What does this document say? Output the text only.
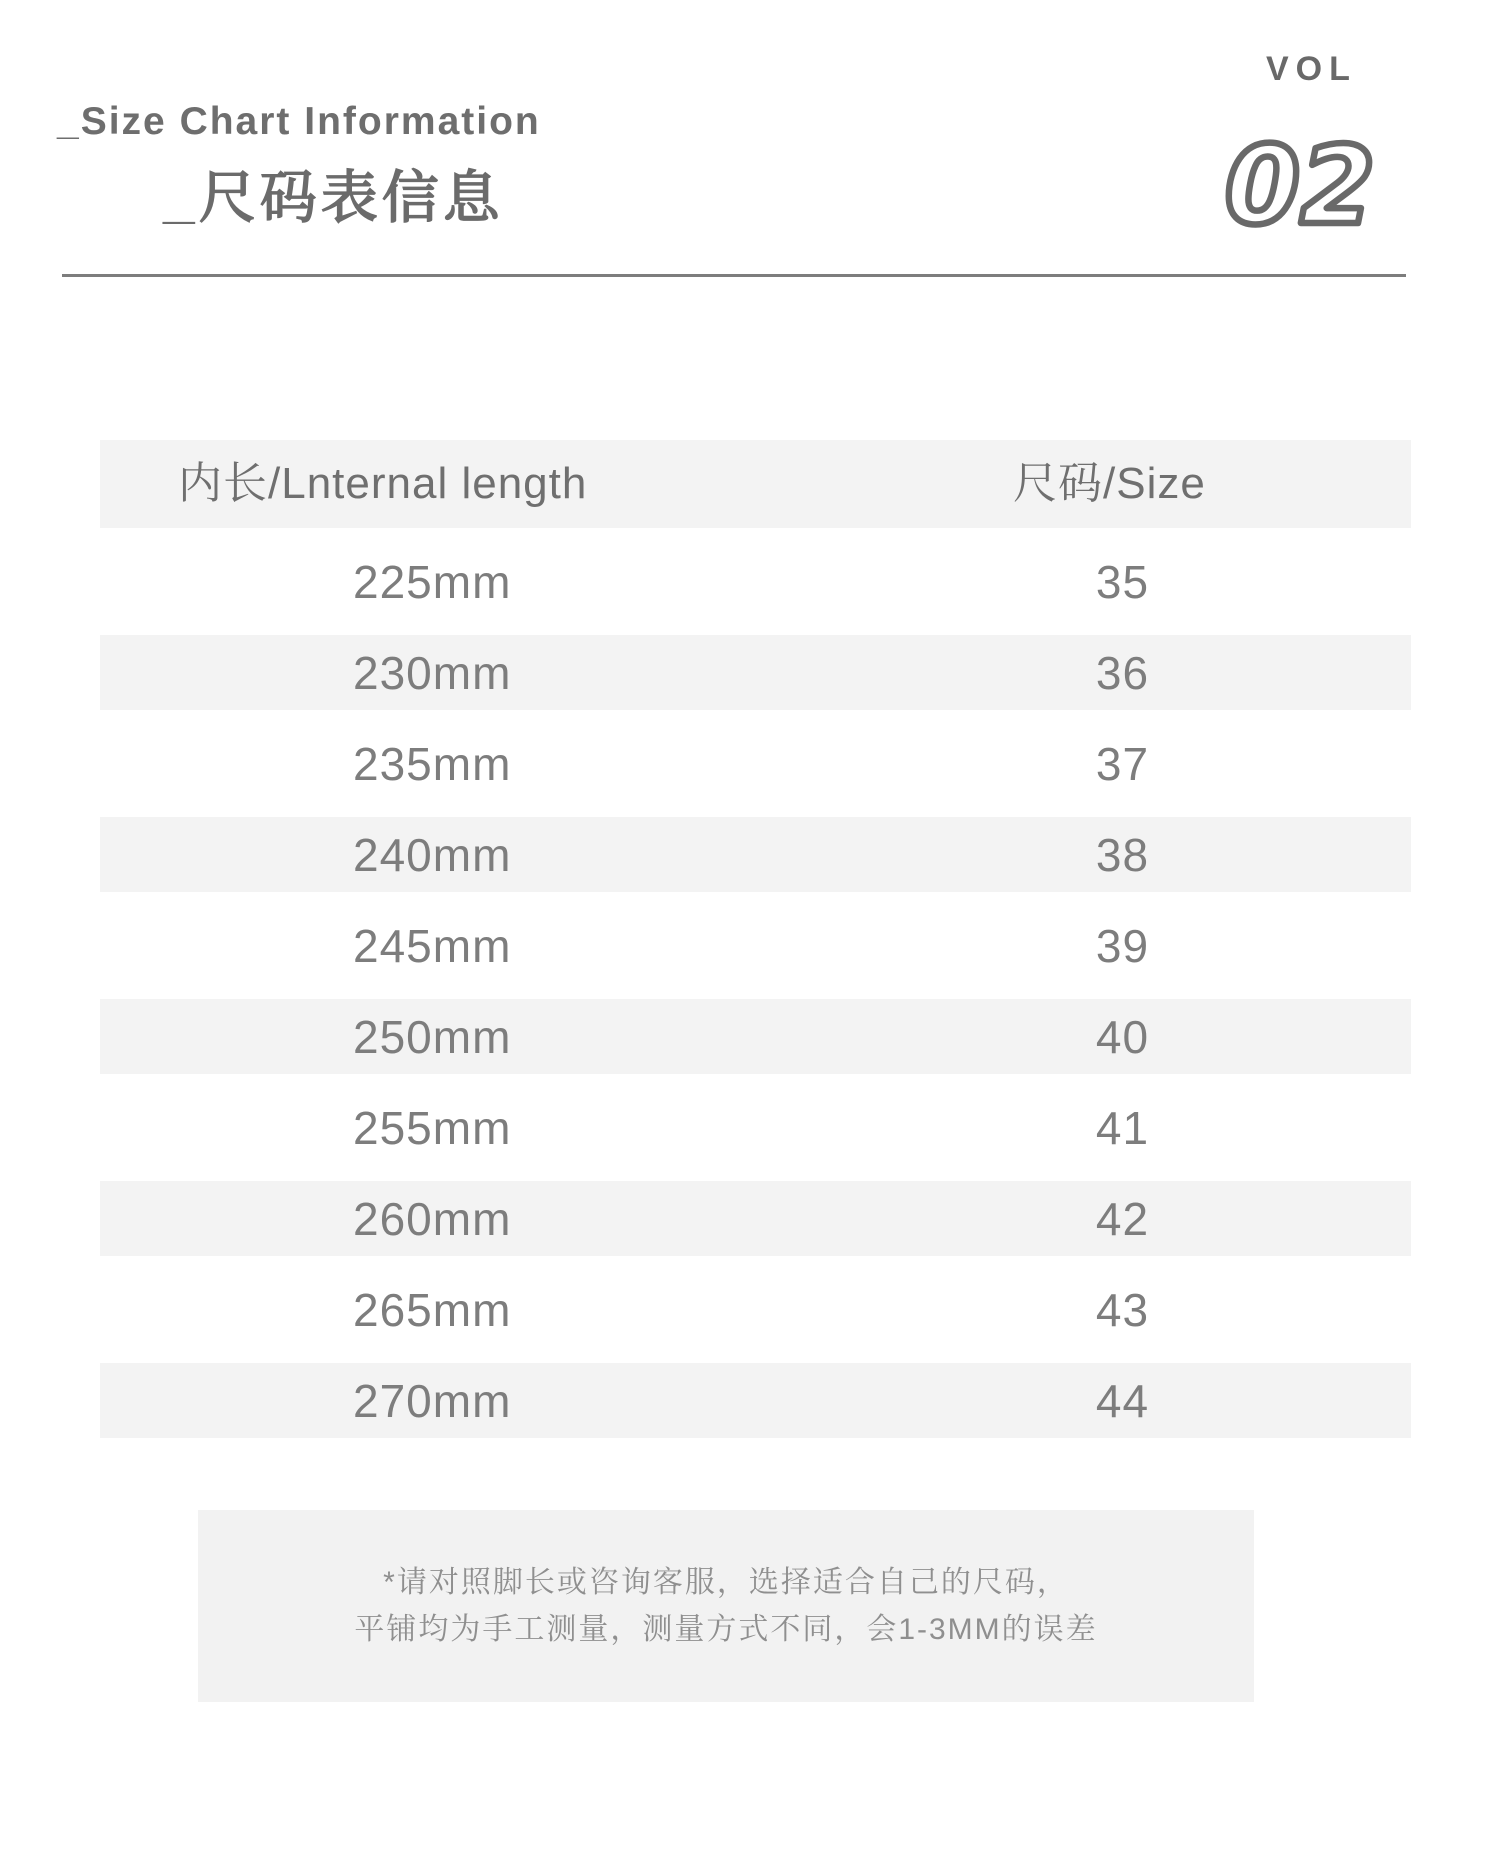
_Size Chart Information
_尺码表信息
VOL
02
内长/Lnternal length	尺码/Size
225mm	35
230mm	36
235mm	37
240mm	38
245mm	39
250mm	40
255mm	41
260mm	42
265mm	43
270mm	44
*请对照脚长或咨询客服，选择适合自己的尺码，
平铺均为手工测量，测量方式不同，会1-3MM的误差
